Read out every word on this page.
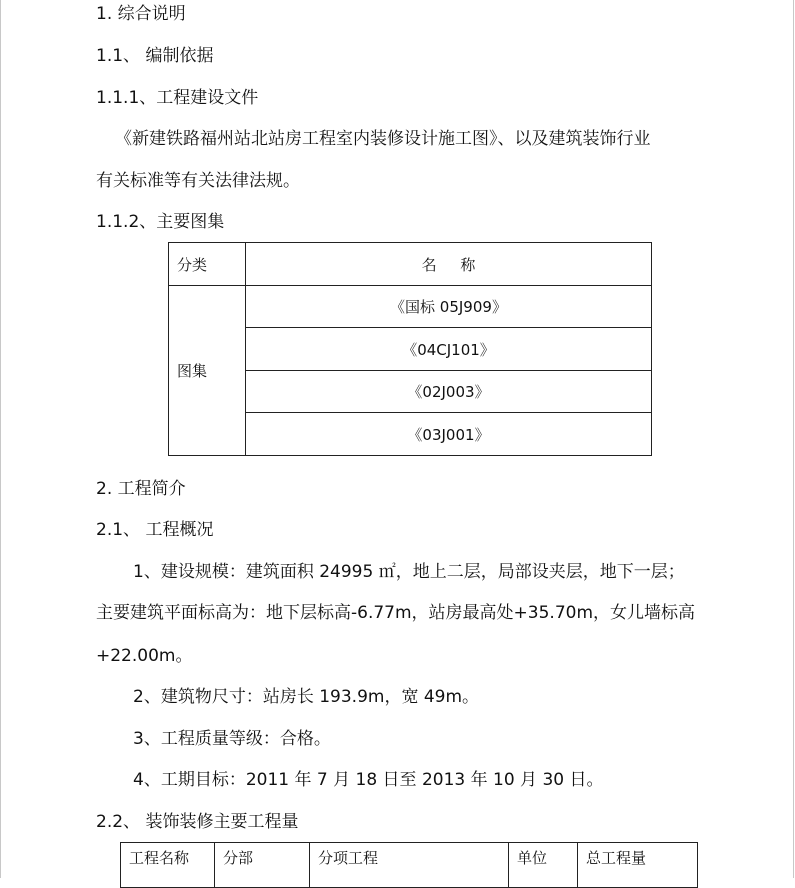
1. 综合说明
1.1、 编制依据
1.1.1、工程建设文件
《新建铁路福州站北站房工程室内装修设计施工图》、以及建筑装饰行业
有关标准等有关法律法规。
1.1.2、主要图集
分类	名     称
图集	《国标 05J909》
	《04CJ101》
	《02J003》
	《03J001》
2. 工程简介
2.1、 工程概况
1、建设规模：建筑面积 24995 ㎡，地上二层，局部设夹层，地下一层；
主要建筑平面标高为：地下层标高-6.77m，站房最高处+35.70m，女儿墙标高
+22.00m。
2、建筑物尺寸：站房长 193.9m，宽 49m。
3、工程质量等级：合格。
4、工期目标：2011 年 7 月 18 日至 2013 年 10 月 30 日。
2.2、 装饰装修主要工程量
工程名称	分部	分项工程	单位	总工程量
